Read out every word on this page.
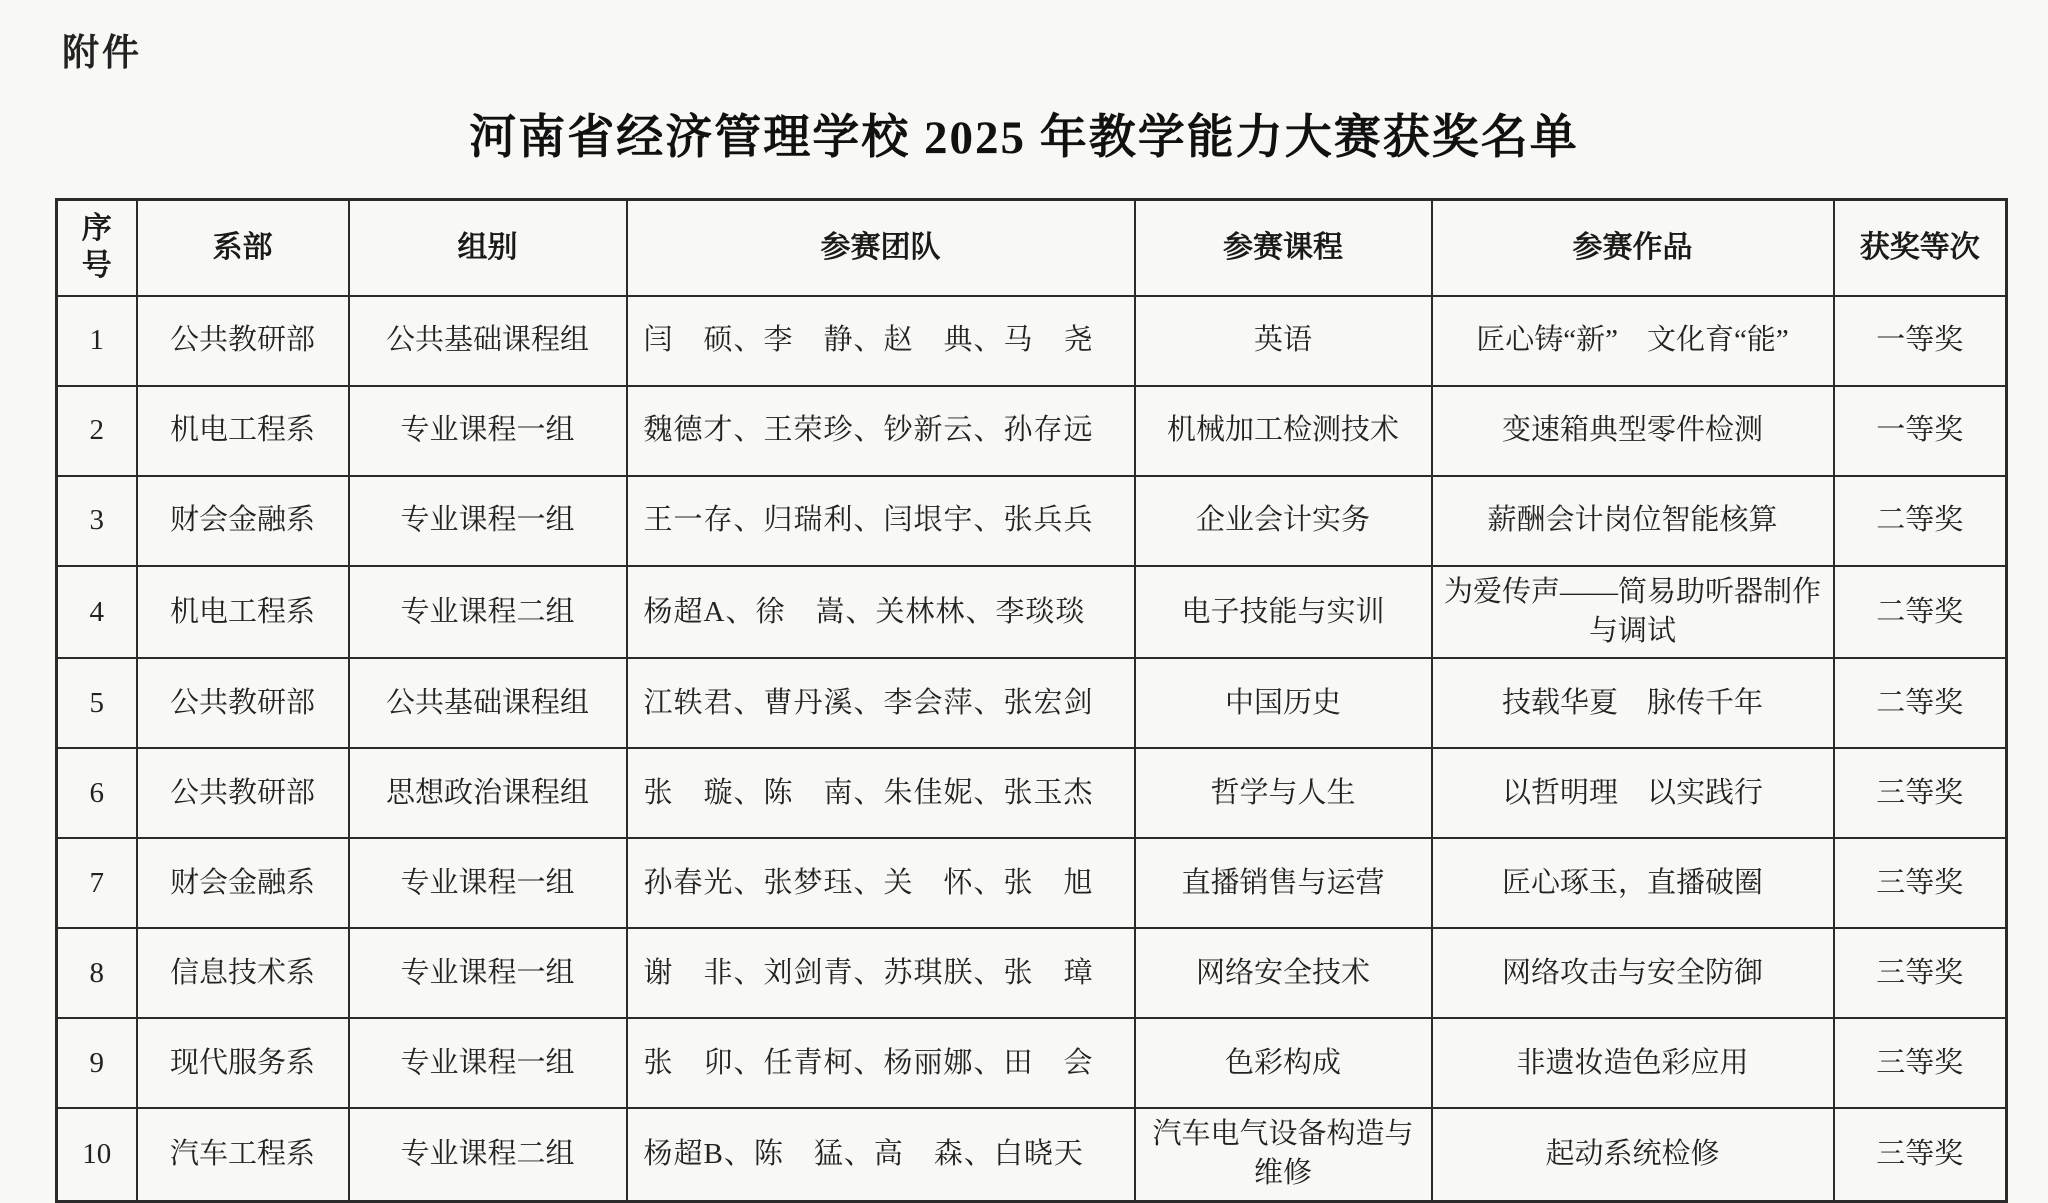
附件
河南省经济管理学校 2025 年教学能力大赛获奖名单
序号	系部	组别	参赛团队	参赛课程	参赛作品	获奖等次
1	公共教研部	公共基础课程组	闫　硕、李　静、赵　典、马　尧	英语	匠心铸“新”　文化育“能”	一等奖
2	机电工程系	专业课程一组	魏德才、王荣珍、钞新云、孙存远	机械加工检测技术	变速箱典型零件检测	一等奖
3	财会金融系	专业课程一组	王一存、归瑞利、闫垠宇、张兵兵	企业会计实务	薪酬会计岗位智能核算	二等奖
4	机电工程系	专业课程二组	杨超A、徐　嵩、关林林、李琰琰	电子技能与实训	为爱传声——简易助听器制作与调试	二等奖
5	公共教研部	公共基础课程组	江轶君、曹丹溪、李会萍、张宏剑	中国历史	技载华夏　脉传千年	二等奖
6	公共教研部	思想政治课程组	张　璇、陈　南、朱佳妮、张玉杰	哲学与人生	以哲明理　以实践行	三等奖
7	财会金融系	专业课程一组	孙春光、张梦珏、关　怀、张　旭	直播销售与运营	匠心琢玉，直播破圈	三等奖
8	信息技术系	专业课程一组	谢　非、刘剑青、苏琪朕、张　璋	网络安全技术	网络攻击与安全防御	三等奖
9	现代服务系	专业课程一组	张　卯、任青柯、杨丽娜、田　会	色彩构成	非遗妆造色彩应用	三等奖
10	汽车工程系	专业课程二组	杨超B、陈　猛、高　森、白晓天	汽车电气设备构造与维修	起动系统检修	三等奖
